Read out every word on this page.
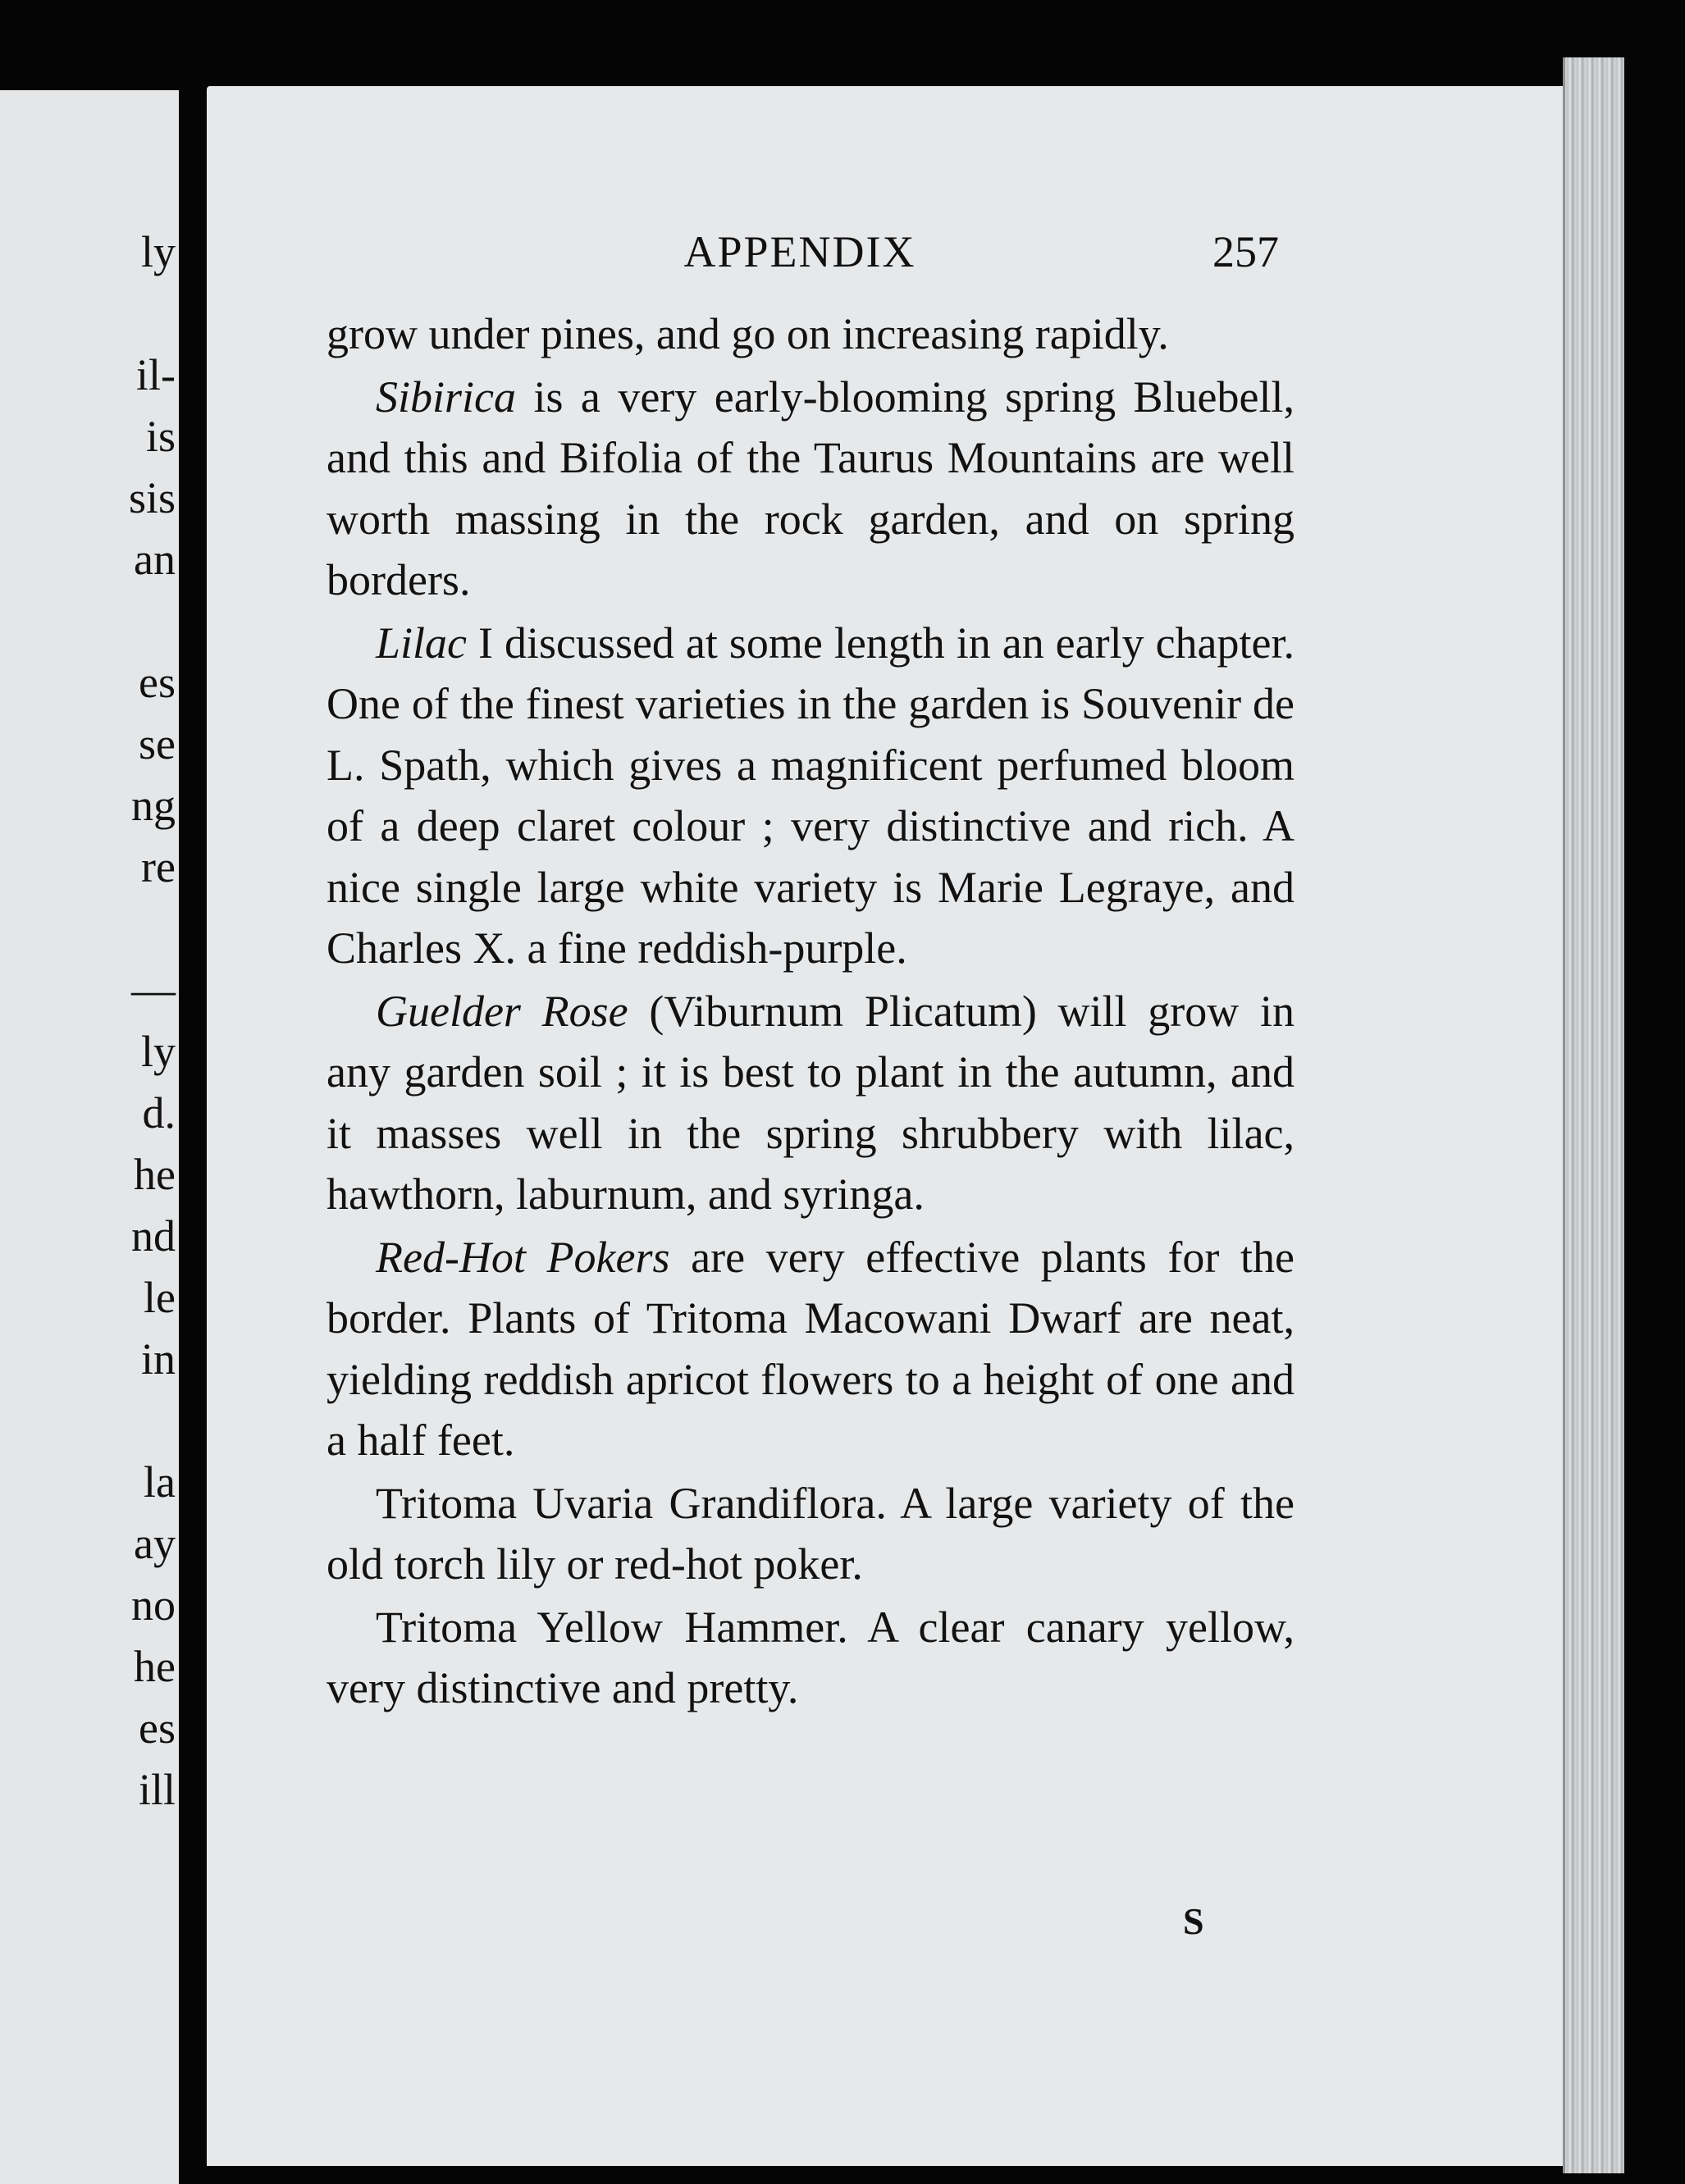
ly
il-
is
sis
an
es
se
ng
re
—
ly
d.
he
nd
le
in
la
ay
no
he
es
ill
APPENDIX	257

grow under pines, and go on increasing rapidly.

Sibirica is a very early-blooming spring Bluebell, and this and Bifolia of the Taurus Mountains are well worth massing in the rock garden, and on spring borders.

Lilac I discussed at some length in an early chapter. One of the finest varieties in the garden is Souvenir de L. Spath, which gives a magnificent perfumed bloom of a deep claret colour ; very distinctive and rich. A nice single large white variety is Marie Legraye, and Charles X. a fine reddish-purple.

Guelder Rose (Viburnum Plicatum) will grow in any garden soil ; it is best to plant in the autumn, and it masses well in the spring shrubbery with lilac, hawthorn, laburnum, and syringa.

Red-Hot Pokers are very effective plants for the border. Plants of Tritoma Macowani Dwarf are neat, yielding reddish apricot flowers to a height of one and a half feet.

Tritoma Uvaria Grandiflora. A large variety of the old torch lily or red-hot poker.

Tritoma Yellow Hammer. A clear canary yellow, very distinctive and pretty.

S
